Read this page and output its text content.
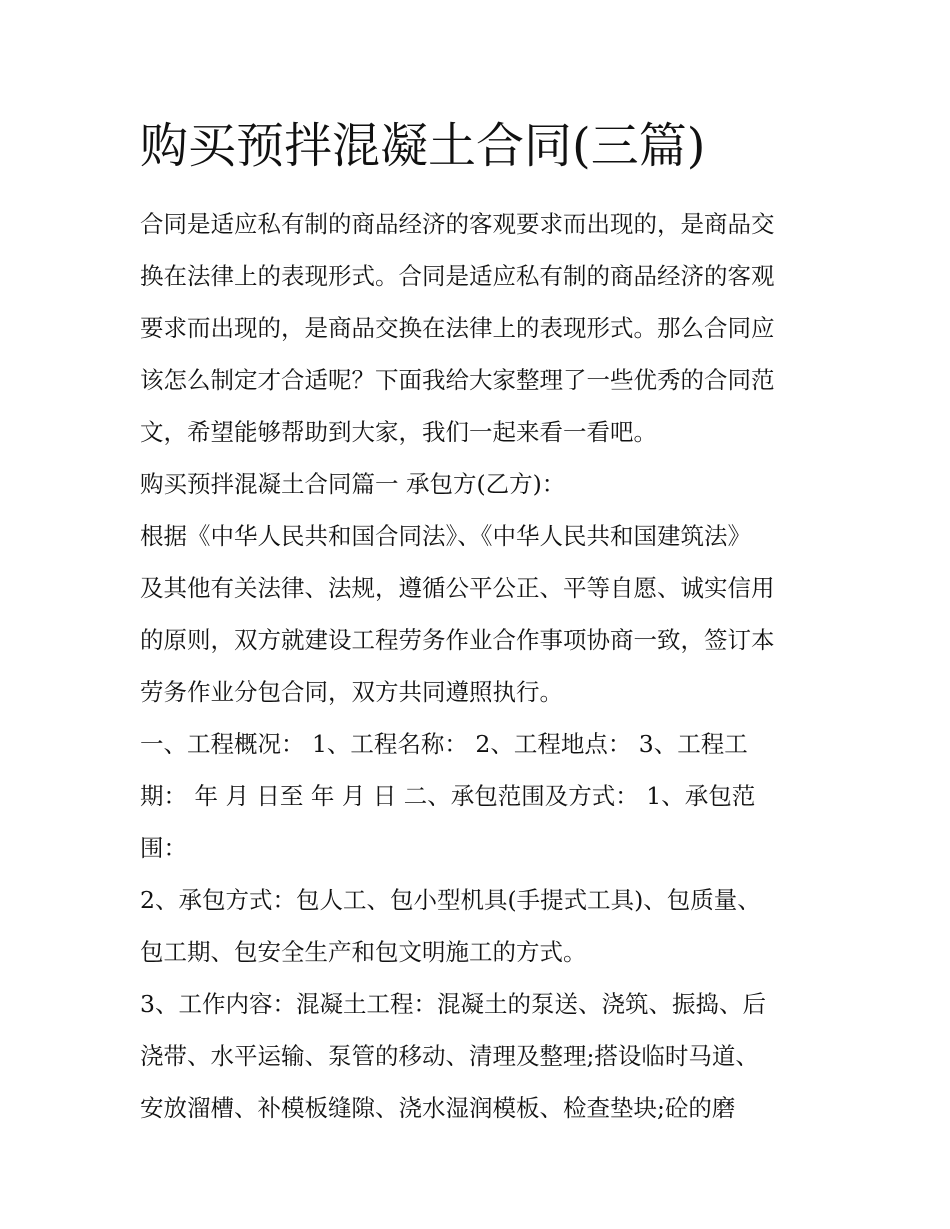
购买预拌混凝土合同(三篇)

合同是适应私有制的商品经济的客观要求而出现的，是商品交

换在法律上的表现形式。合同是适应私有制的商品经济的客观

要求而出现的，是商品交换在法律上的表现形式。那么合同应

该怎么制定才合适呢？下面我给大家整理了一些优秀的合同范

文，希望能够帮助到大家，我们一起来看一看吧。

购买预拌混凝土合同篇一 承包方(乙方)：

根据《中华人民共和国合同法》、《中华人民共和国建筑法》

及其他有关法律、法规，遵循公平公正、平等自愿、诚实信用

的原则，双方就建设工程劳务作业合作事项协商一致，签订本

劳务作业分包合同，双方共同遵照执行。

一、工程概况： 1、工程名称： 2、工程地点： 3、工程工

期： 年 月 日至 年 月 日 二、承包范围及方式： 1、承包范

围：

2、承包方式：包人工、包小型机具(手提式工具)、包质量、

包工期、包安全生产和包文明施工的方式。

3、工作内容：混凝土工程：混凝土的泵送、浇筑、振捣、后

浇带、水平运输、泵管的移动、清理及整理;搭设临时马道、

安放溜槽、补模板缝隙、浇水湿润模板、检查垫块;砼的磨
